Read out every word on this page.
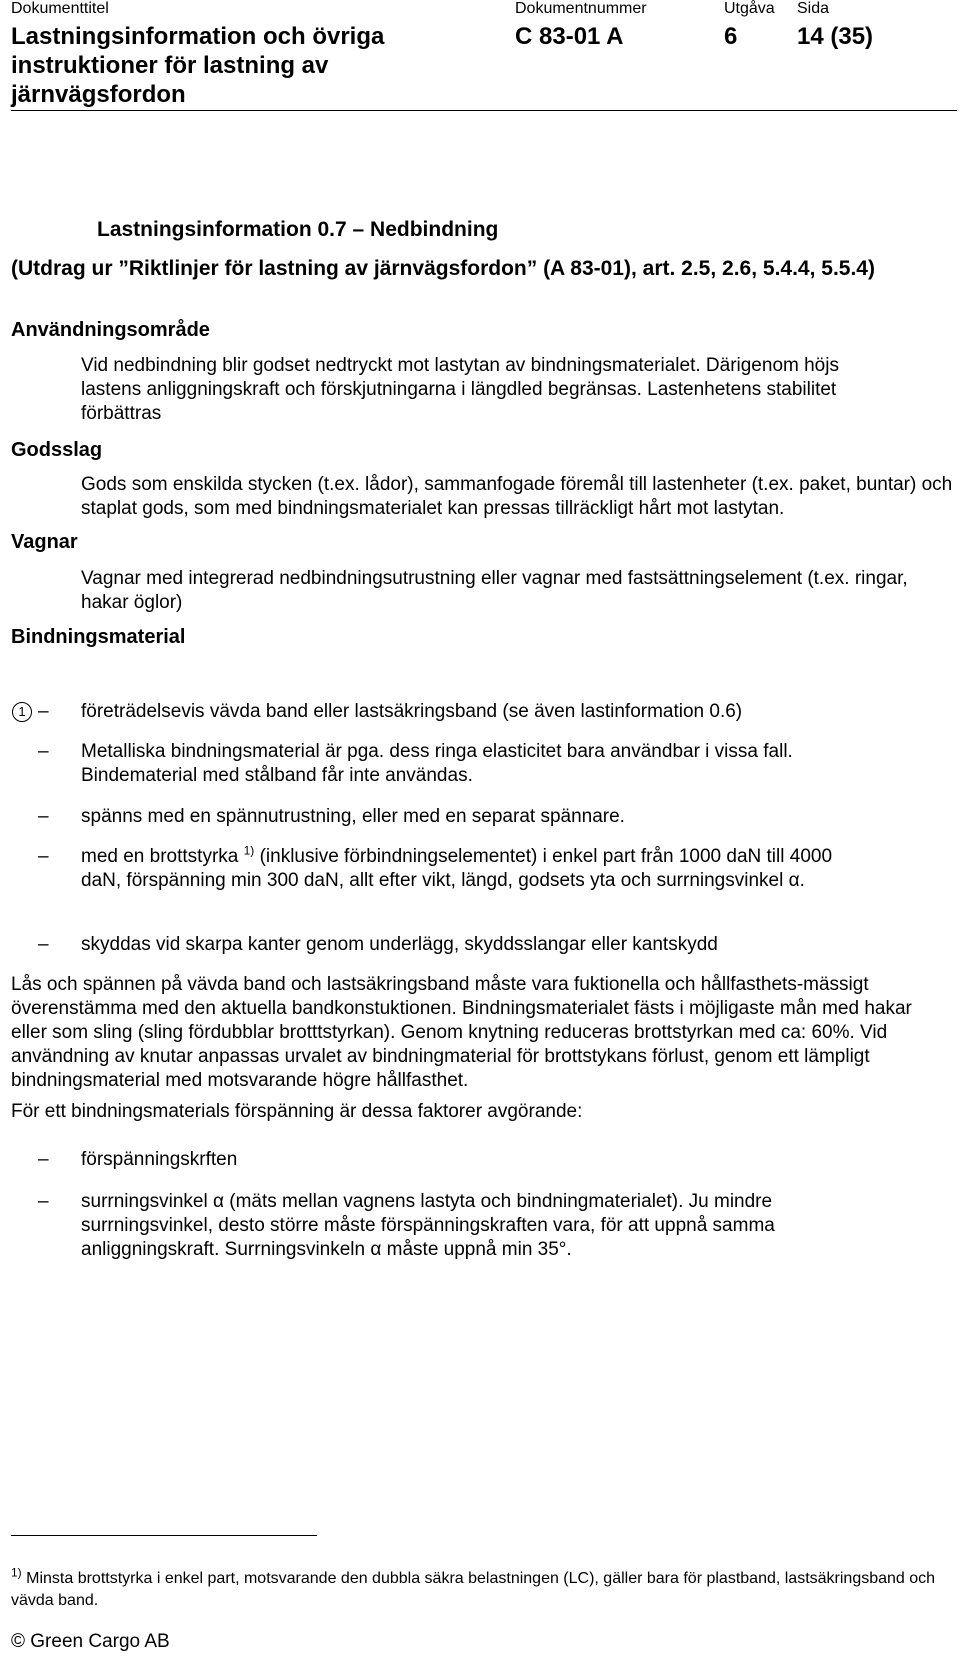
Dokumenttitel	Dokumentnummer	Utgåva Sida
Lastningsinformation och övriga instruktioner för lastning av järnvägsfordon
C 83-01 A	6 14 (35)
Lastningsinformation 0.7 – Nedbindning
(Utdrag ur ”Riktlinjer för lastning av järnvägsfordon” (A 83-01), art. 2.5, 2.6, 5.4.4, 5.5.4)
Användningsområde
Vid nedbindning blir godset nedtryckt mot lastytan av bindningsmaterialet. Därigenom höjs lastens anliggningskraft och förskjutningarna i längdled begränsas. Lastenhetens stabilitet förbättras
Godsslag
Gods som enskilda stycken (t.ex. lådor), sammanfogade föremål till lastenheter (t.ex. paket, buntar) och staplat gods, som med bindningsmaterialet kan pressas tillräckligt hårt mot lastytan.
Vagnar
Vagnar med integrerad nedbindningsutrustning eller vagnar med fastsättningselement (t.ex. ringar, hakar öglor)
Bindningsmaterial
1 – företrädelsevis vävda band eller lastsäkringsband (se även lastinformation 0.6)
– Metalliska bindningsmaterial är pga. dess ringa elasticitet bara användbar i vissa fall. Bindematerial med stålband får inte användas.
– spänns med en spännutrustning, eller med en separat spännare.
– med en brottstyrka $^{1)}$ (inklusive förbindningselementet) i enkel part från 1000 daN till 4000 daN, förspänning min 300 daN, allt efter vikt, längd, godsets yta och surrningsvinkel α.
– skyddas vid skarpa kanter genom underlägg, skyddsslangar eller kantskydd
Lås och spännen på vävda band och lastsäkringsband måste vara fuktionella och hållfasthets-mässigt överenstämma med den aktuella bandkonstuktionen. Bindningsmaterialet fästs i möjligaste mån med hakar eller som sling (sling fördubblar brotttstyrkan). Genom knytning reduceras brottstyrkan med ca: 60%. Vid användning av knutar anpassas urvalet av bindningmaterial för brottstykans förlust, genom ett lämpligt bindningsmaterial med motsvarande högre hållfasthet.
För ett bindningsmaterials förspänning är dessa faktorer avgörande:
– förspänningskrften
– surrningsvinkel α (mäts mellan vagnens lastyta och bindningmaterialet). Ju mindre surrningsvinkel, desto större måste förspänningskraften vara, för att uppnå samma anliggningskraft. Surrningsvinkeln α måste uppnå min 35°.
$^{1)}$ Minsta brottstyrka i enkel part, motsvarande den dubbla säkra belastningen (LC), gäller bara för plastband, lastsäkringsband och vävda band.
© Green Cargo AB
